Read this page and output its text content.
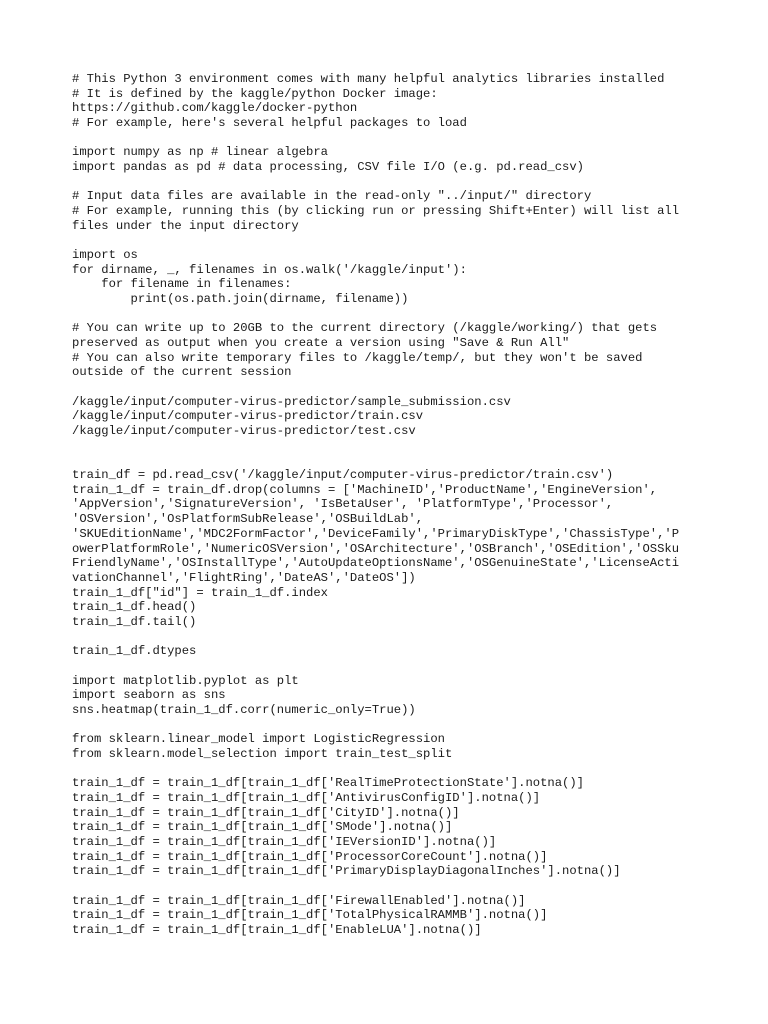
# This Python 3 environment comes with many helpful analytics libraries installed
# It is defined by the kaggle/python Docker image:
https://github.com/kaggle/docker-python
# For example, here's several helpful packages to load
import numpy as np # linear algebra
import pandas as pd # data processing, CSV file I/O (e.g. pd.read_csv)
# Input data files are available in the read-only "../input/" directory
# For example, running this (by clicking run or pressing Shift+Enter) will list all
files under the input directory
import os
for dirname, _, filenames in os.walk('/kaggle/input'):
for filename in filenames:
print(os.path.join(dirname, filename))
# You can write up to 20GB to the current directory (/kaggle/working/) that gets
preserved as output when you create a version using "Save & Run All"
# You can also write temporary files to /kaggle/temp/, but they won't be saved
outside of the current session
/kaggle/input/computer-virus-predictor/sample_submission.csv
/kaggle/input/computer-virus-predictor/train.csv
/kaggle/input/computer-virus-predictor/test.csv
train_df = pd.read_csv('/kaggle/input/computer-virus-predictor/train.csv')
train_1_df = train_df.drop(columns = ['MachineID','ProductName','EngineVersion',
'AppVersion','SignatureVersion', 'IsBetaUser', 'PlatformType','Processor',
'OSVersion','OsPlatformSubRelease','OSBuildLab',
'SKUEditionName','MDC2FormFactor','DeviceFamily','PrimaryDiskType','ChassisType','P
owerPlatformRole','NumericOSVersion','OSArchitecture','OSBranch','OSEdition','OSSku
FriendlyName','OSInstallType','AutoUpdateOptionsName','OSGenuineState','LicenseActi
vationChannel','FlightRing','DateAS','DateOS'])
train_1_df["id"] = train_1_df.index
train_1_df.head()
train_1_df.tail()
train_1_df.dtypes
import matplotlib.pyplot as plt
import seaborn as sns
sns.heatmap(train_1_df.corr(numeric_only=True))
from sklearn.linear_model import LogisticRegression
from sklearn.model_selection import train_test_split
train_1_df = train_1_df[train_1_df['RealTimeProtectionState'].notna()]
train_1_df = train_1_df[train_1_df['AntivirusConfigID'].notna()]
train_1_df = train_1_df[train_1_df['CityID'].notna()]
train_1_df = train_1_df[train_1_df['SMode'].notna()]
train_1_df = train_1_df[train_1_df['IEVersionID'].notna()]
train_1_df = train_1_df[train_1_df['ProcessorCoreCount'].notna()]
train_1_df = train_1_df[train_1_df['PrimaryDisplayDiagonalInches'].notna()]
train_1_df = train_1_df[train_1_df['FirewallEnabled'].notna()]
train_1_df = train_1_df[train_1_df['TotalPhysicalRAMMB'].notna()]
train_1_df = train_1_df[train_1_df['EnableLUA'].notna()]
